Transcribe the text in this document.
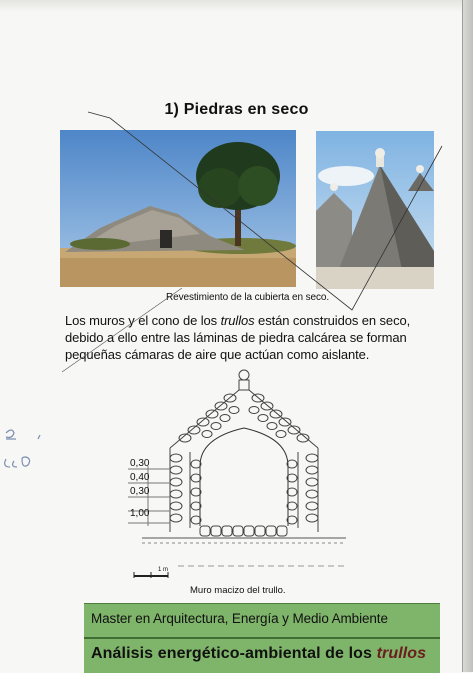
1) Piedras en seco
Revestimiento de la cubierta en seco.

Los muros y el cono de los trullos están construidos en seco, debido a ello entre las láminas de piedra calcárea se forman pequeñas cámaras de aire que actúan como aislante.

0,30
0,40
0,30
1,00
1 m
Muro macizo del trullo.
Master en Arquitectura, Energía y Medio Ambiente
Análisis energético-ambiental de los trullos
